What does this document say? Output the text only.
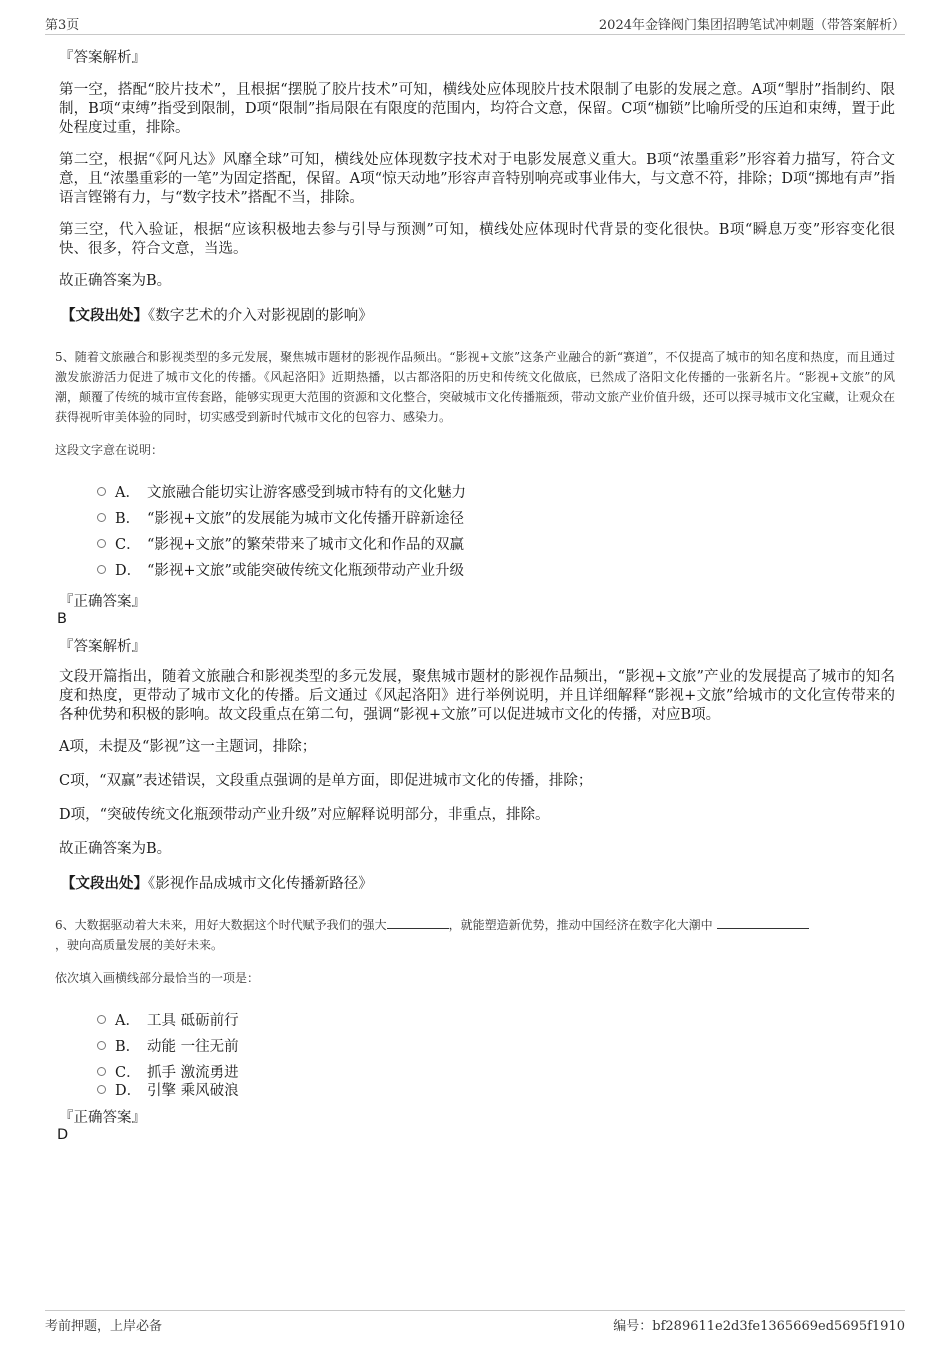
第3页	2024年金锋阀门集团招聘笔试冲刺题（带答案解析）
『答案解析』

第一空，搭配“胶片技术”，且根据“摆脱了胶片技术”可知，横线处应体现胶片技术限制了电影的发展之意。A项“掣肘”指制约、限制，B项“束缚”指受到限制，D项“限制”指局限在有限度的范围内，均符合文意，保留。C项“枷锁”比喻所受的压迫和束缚，置于此处程度过重，排除。

第二空，根据“《阿凡达》风靡全球”可知，横线处应体现数字技术对于电影发展意义重大。B项“浓墨重彩”形容着力描写，符合文意，且“浓墨重彩的一笔”为固定搭配，保留。A项“惊天动地”形容声音特别响亮或事业伟大，与文意不符，排除；D项“掷地有声”指语言铿锵有力，与“数字技术”搭配不当，排除。

第三空，代入验证，根据“应该积极地去参与引导与预测”可知，横线处应体现时代背景的变化很快。B项“瞬息万变”形容变化很快、很多，符合文意，当选。

故正确答案为B。

【文段出处】《数字艺术的介入对影视剧的影响》

5、随着文旅融合和影视类型的多元发展，聚焦城市题材的影视作品频出。“影视+文旅”这条产业融合的新“赛道”，不仅提高了城市的知名度和热度，而且通过激发旅游活力促进了城市文化的传播。《风起洛阳》近期热播，以古都洛阳的历史和传统文化做底，已然成了洛阳文化传播的一张新名片。“影视+文旅”的风潮，颠覆了传统的城市宣传套路，能够实现更大范围的资源和文化整合，突破城市文化传播瓶颈，带动文旅产业价值升级，还可以探寻城市文化宝藏，让观众在获得视听审美体验的同时，切实感受到新时代城市文化的包容力、感染力。

这段文字意在说明：

A． 文旅融合能切实让游客感受到城市特有的文化魅力
B． “影视+文旅”的发展能为城市文化传播开辟新途径
C． “影视+文旅”的繁荣带来了城市文化和作品的双赢
D． “影视+文旅”或能突破传统文化瓶颈带动产业升级
『正确答案』
B
『答案解析』

文段开篇指出，随着文旅融合和影视类型的多元发展，聚焦城市题材的影视作品频出，“影视+文旅”产业的发展提高了城市的知名度和热度，更带动了城市文化的传播。后文通过《风起洛阳》进行举例说明，并且详细解释“影视+文旅”给城市的文化宣传带来的各种优势和积极的影响。故文段重点在第二句，强调“影视+文旅”可以促进城市文化的传播，对应B项。

A项，未提及“影视”这一主题词，排除；

C项，“双赢”表述错误，文段重点强调的是单方面，即促进城市文化的传播，排除；

D项，“突破传统文化瓶颈带动产业升级”对应解释说明部分，非重点，排除。

故正确答案为B。

【文段出处】《影视作品成城市文化传播新路径》

6、大数据驱动着大未来，用好大数据这个时代赋予我们的强大	，就能塑造新优势，推动中国经济在数字化大潮中
，驶向高质量发展的美好未来。

依次填入画横线部分最恰当的一项是：

A． 工具 砥砺前行
B． 动能 一往无前
C． 抓手 激流勇进
D． 引擎 乘风破浪
『正确答案』
D
考前押题，上岸必备	编号：bf289611e2d3fe1365669ed5695f1910
